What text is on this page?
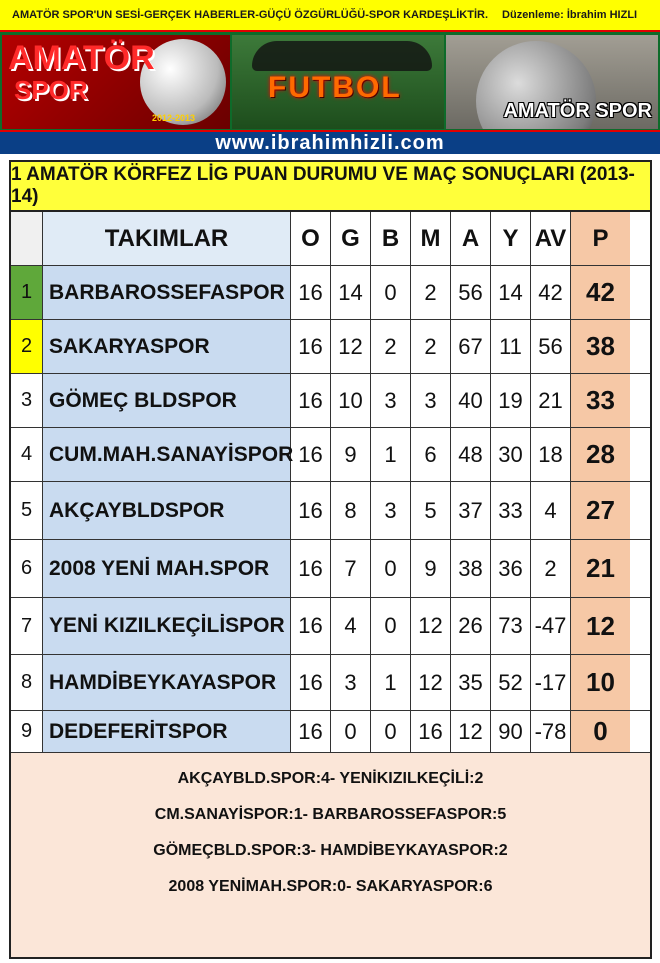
AMATÖR SPOR'UN SESİ-GERÇEK HABERLER-GÜÇÜ ÖZGÜRLÜĞÜ-SPOR KARDEŞLİKTİR. Düzenleme: İbrahim HIZLI
AMATÖR
SPOR
2012-2013
FUTBOL
AMATÖR SPOR
www.ibrahimhizli.com
1 AMATÖR KÖRFEZ LİG PUAN DURUMU VE MAÇ SONUÇLARI (2013-14)
TAKIMLAR	O G B M A Y AV	P
1 BARBAROSSEFASPOR 16 14 0	2 56 14 42 42
2 SAKARYASPOR	16 12 2	2 67 11 56 38
3 GÖMEÇ BLDSPOR	16 10 3	3 40 19 21 33
4 CUM.MAH.SANAYİSPOR 16 9	1	6 48 30 18 28
5 AKÇAYBLDSPOR	16 8	3	5 37 33 4	27
6 2008 YENİ MAH.SPOR	16 7	0	9 38 36 2	21
7 YENİ KIZILKEÇİLİSPOR 16 4	0 12 26 73 -47 12
8 HAMDİBEYKAYASPOR	16 3	1 12 35 52 -17 10
9 DEDEFERİTSPOR	16 0	0 16 12 90 -78	0
AKÇAYBLD.SPOR:4- YENİKIZILKEÇİLİ:2
CM.SANAYİSPOR:1- BARBAROSSEFASPOR:5
GÖMEÇBLD.SPOR:3- HAMDİBEYKAYASPOR:2
2008 YENİMAH.SPOR:0- SAKARYASPOR:6
